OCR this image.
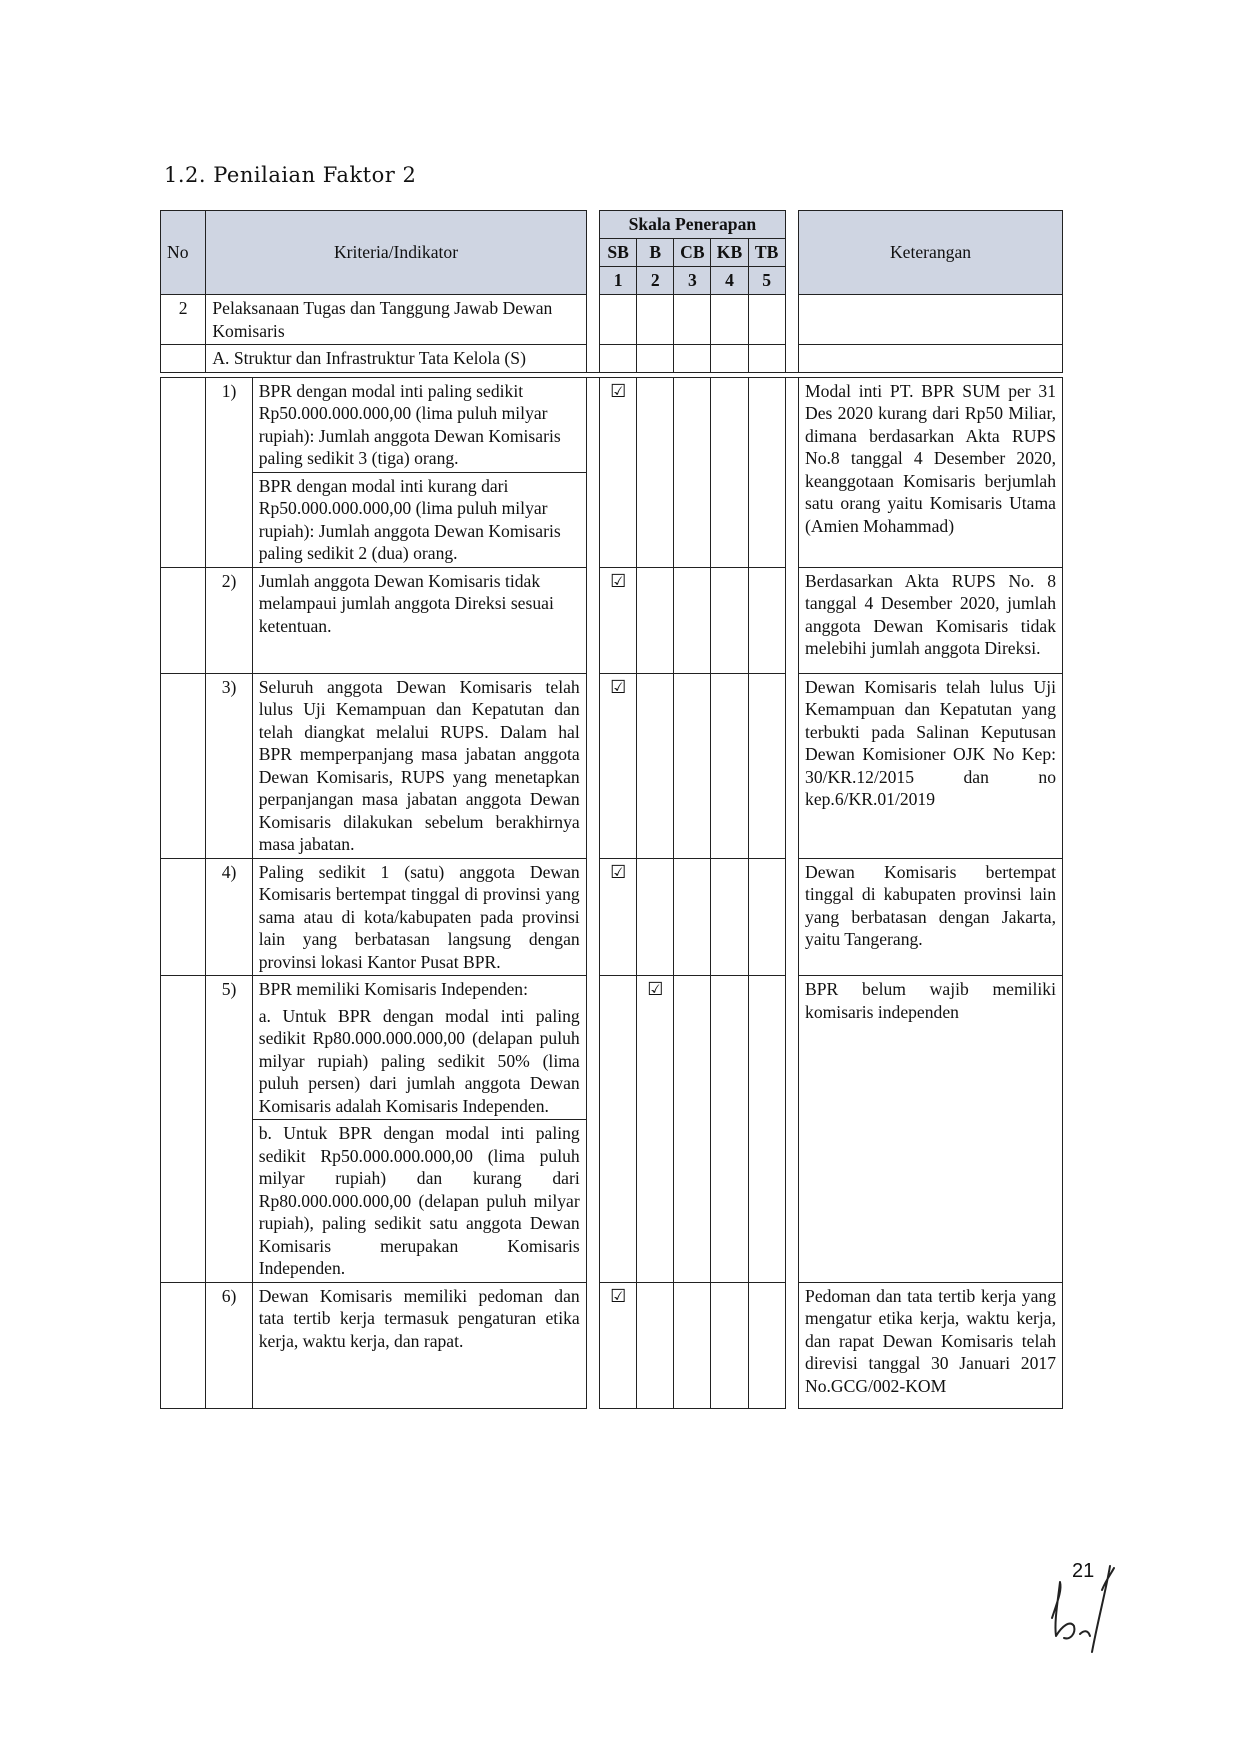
1.2. Penilaian Faktor 2
No	Kriteria/Indikator			Skala Penerapan						Keterangan
				SB	B	CB	KB	TB		
				1	2	3	4	5		
2	Pelaksanaan Tugas dan Tanggung Jawab Dewan Komisaris									
	A. Struktur dan Infrastruktur Tata Kelola (S)									

	1)	BPR dengan modal inti paling sedikit Rp50.000.000.000,00 (lima puluh milyar rupiah): Jumlah anggota Dewan Komisaris paling sedikit 3 (tiga) orang.		☑						Modal inti PT. BPR SUM per 31 Des 2020 kurang dari Rp50 Miliar, dimana berdasarkan Akta RUPS No.8 tanggal 4 Desember 2020, keanggotaan Komisaris berjumlah satu orang yaitu Komisaris Utama (Amien Mohammad)
		BPR dengan modal inti kurang dari Rp50.000.000.000,00 (lima puluh milyar rupiah): Jumlah anggota Dewan Komisaris paling sedikit 2 (dua) orang.								
	2)	Jumlah anggota Dewan Komisaris tidak melampaui jumlah anggota Direksi sesuai ketentuan.		☑						Berdasarkan Akta RUPS No. 8 tanggal 4 Desember 2020, jumlah anggota Dewan Komisaris tidak melebihi jumlah anggota Direksi.
	3)	Seluruh anggota Dewan Komisaris telah lulus Uji Kemampuan dan Kepatutan dan telah diangkat melalui RUPS. Dalam hal BPR memperpanjang masa jabatan anggota Dewan Komisaris, RUPS yang menetapkan perpanjangan masa jabatan anggota Dewan Komisaris dilakukan sebelum berakhirnya masa jabatan.		☑						Dewan Komisaris telah lulus Uji Kemampuan dan Kepatutan yang terbukti pada Salinan Keputusan Dewan Komisioner OJK No Kep: 30/KR.12/2015 dan no kep.6/KR.01/2019
	4)	Paling sedikit 1 (satu) anggota Dewan Komisaris bertempat tinggal di provinsi yang sama atau di kota/kabupaten pada provinsi lain yang berbatasan langsung dengan provinsi lokasi Kantor Pusat BPR.		☑						Dewan Komisaris bertempat tinggal di kabupaten provinsi lain yang berbatasan dengan Jakarta, yaitu Tangerang.
	5)	BPR memiliki Komisaris Independen:			☑					BPR belum wajib memiliki komisaris independen
		a. Untuk BPR dengan modal inti paling sedikit Rp80.000.000.000,00 (delapan puluh milyar rupiah) paling sedikit 50% (lima puluh persen) dari jumlah anggota Dewan Komisaris adalah Komisaris Independen.								
		b. Untuk BPR dengan modal inti paling sedikit Rp50.000.000.000,00 (lima puluh milyar rupiah) dan kurang dari Rp80.000.000.000,00 (delapan puluh milyar rupiah), paling sedikit satu anggota Dewan Komisaris merupakan Komisaris Independen.								
	6)	Dewan Komisaris memiliki pedoman dan tata tertib kerja termasuk pengaturan etika kerja, waktu kerja, dan rapat.		☑						Pedoman dan tata tertib kerja yang mengatur etika kerja, waktu kerja, dan rapat Dewan Komisaris telah direvisi tanggal 30 Januari 2017 No.GCG/002-KOM
21
